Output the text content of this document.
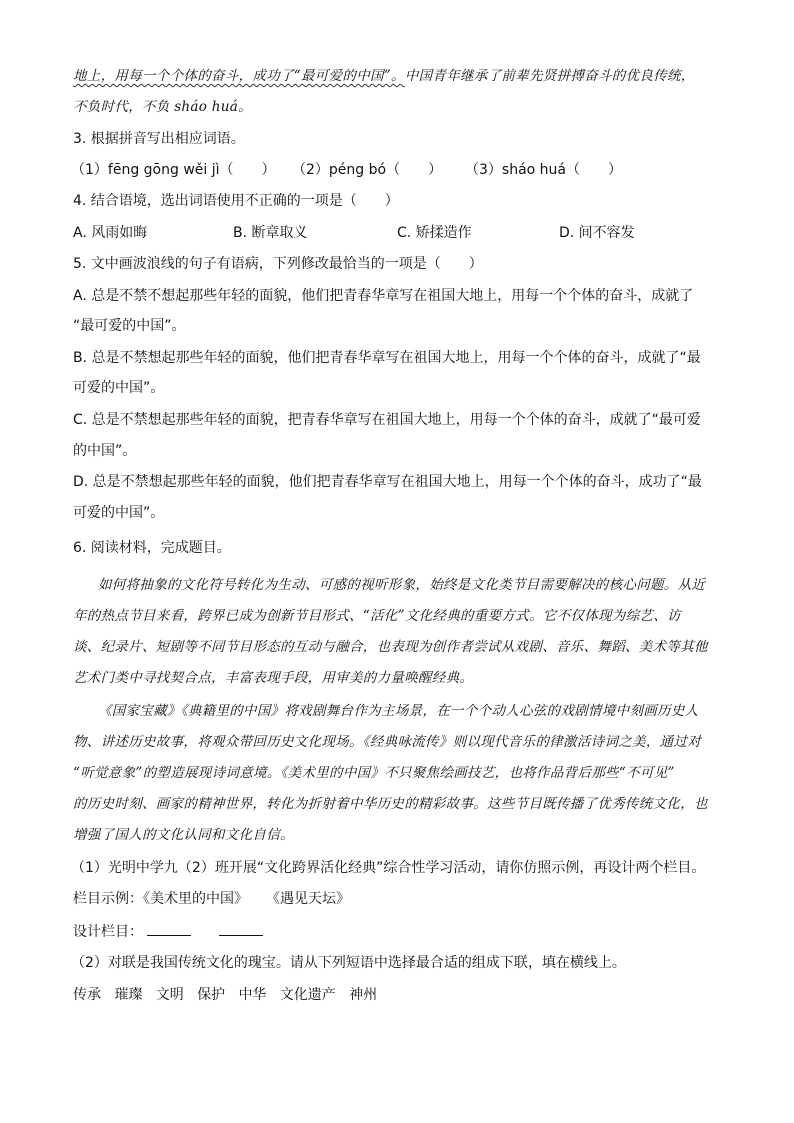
地上，用每一个个体的奋斗，成功了“最可爱的中国”。中国青年继承了前辈先贤拼搏奋斗的优良传统，
不负时代，不负 sháo huá。
3. 根据拼音写出相应词语。
（1）fēng gōng wěi jì（　　） （2）péng bó（　　） （3）sháo huá（　　）
4. 结合语境，选出词语使用不正确的一项是（　　）
A. 风雨如晦	B. 断章取义	C. 矫揉造作	D. 间不容发
5. 文中画波浪线的句子有语病，下列修改最恰当的一项是（　　）
A. 总是不禁不想起那些年轻的面貌，他们把青春华章写在祖国大地上，用每一个个体的奋斗，成就了
“最可爱的中国”。
B. 总是不禁想起那些年轻的面貌，他们把青春华章写在祖国大地上，用每一个个体的奋斗，成就了“最
可爱的中国”。
C. 总是不禁想起那些年轻的面貌，把青春华章写在祖国大地上，用每一个个体的奋斗，成就了“最可爱
的中国”。
D. 总是不禁想起那些年轻的面貌，他们把青春华章写在祖国大地上，用每一个个体的奋斗，成功了“最
可爱的中国”。
6. 阅读材料，完成题目。
如何将抽象的文化符号转化为生动、可感的视听形象，始终是文化类节目需要解决的核心问题。从近
年的热点节目来看，跨界已成为创新节目形式、“活化”文化经典的重要方式。它不仅体现为综艺、访
谈、纪录片、短剧等不同节目形态的互动与融合，也表现为创作者尝试从戏剧、音乐、舞蹈、美术等其他
艺术门类中寻找契合点，丰富表现手段，用审美的力量唤醒经典。
《国家宝藏》《典籍里的中国》将戏剧舞台作为主场景，在一个个动人心弦的戏剧情境中刻画历史人
物、讲述历史故事，将观众带回历史文化现场。《经典咏流传》则以现代音乐的律激活诗词之美，通过对
“听觉意象”的塑造展现诗词意境。《美术里的中国》不只聚焦绘画技艺，也将作品背后那些“不可见”
的历史时刻、画家的精神世界，转化为折射着中华历史的精彩故事。这些节目既传播了优秀传统文化，也
增强了国人的文化认同和文化自信。
（1）光明中学九（2）班开展“文化跨界活化经典”综合性学习活动，请你仿照示例，再设计两个栏目。
栏目示例：《美术里的中国》 《遇见天坛》
设计栏目：
（2）对联是我国传统文化的瑰宝。请从下列短语中选择最合适的组成下联，填在横线上。
传承 璀璨 文明 保护 中华 文化遗产 神州
